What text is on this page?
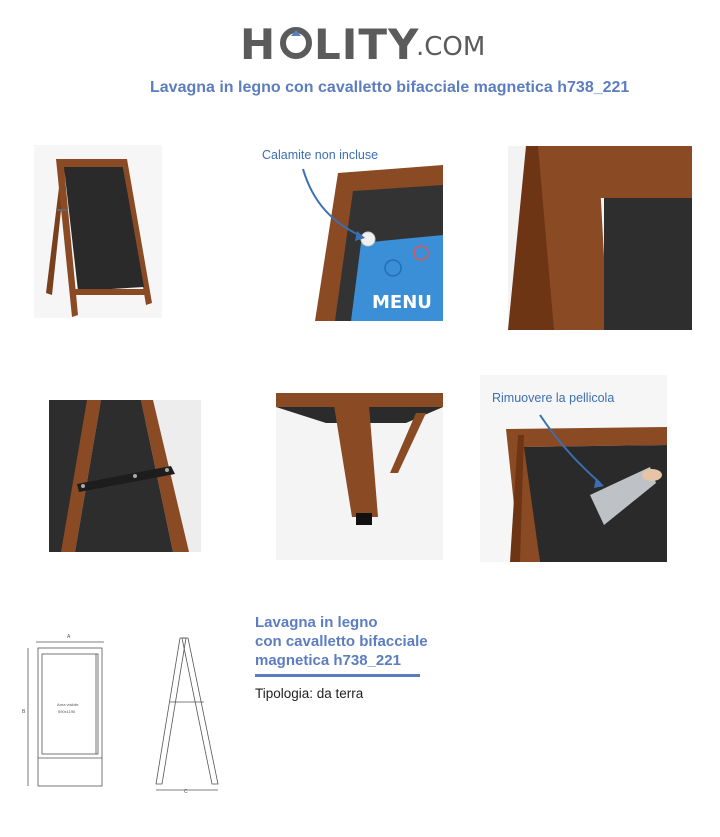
H LITY
.COM
Lavagna in legno con cavalletto bifacciale magnetica h738_221
Calamite non incluse
MENU
Rimuovere la pellicola
A
B
Area visibile
590x1190
C
Lavagna in legno
con cavalletto bifacciale
magnetica h738_221
Tipologia: da terra
